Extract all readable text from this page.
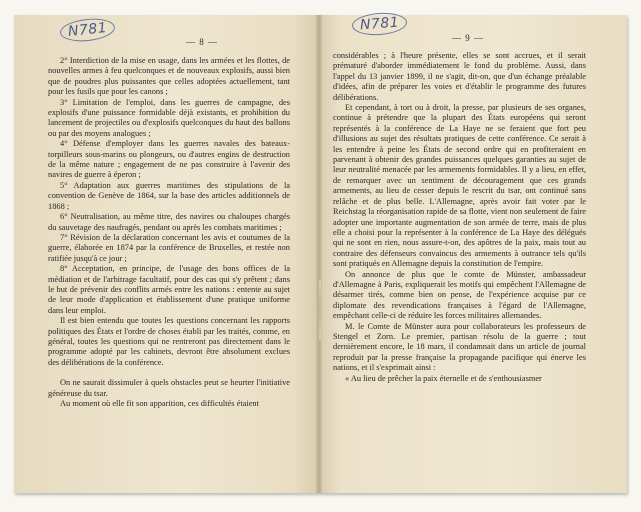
N781	N781
— 8 —	— 9 —

2° Interdiction de la mise en usage, dans les armées et les flottes, de nouvelles armes à feu quelconques et de nouveaux explosifs, aussi bien que de poudres plus puissantes que celles adoptées actuellement, tant pour les fusils que pour les canons ;

3° Limitation de l'emploi, dans les guerres de campagne, des explosifs d'une puissance formidable déjà existants, et prohibition du lancement de projectiles ou d'explosifs quelconques du haut des ballons ou par des moyens analogues ;

4° Défense d'employer dans les guerres navales des bateaux-torpilleurs sous-marins ou plongeurs, ou d'autres engins de destruction de la même nature ; engagement de ne pas construire à l'avenir des navires de guerre à éperon ;

5° Adaptation aux guerres maritimes des stipulations de la convention de Genève de 1864, sur la base des articles additionnels de 1868 ;

6° Neutralisation, au même titre, des navires ou chaloupes chargés du sauvetage des naufragés, pendant ou après les combats maritimes ;

7° Révision de la déclaration concernant les avis et coutumes de la guerre, élaborée en 1874 par la conférence de Bruxelles, et restée non ratifiée jusqu'à ce jour ;

8° Acceptation, en principe, de l'usage des bons offices de la médiation et de l'arbitrage facultatif, pour des cas qui s'y prêtent ; dans le but de prévenir des conflits armés entre les nations : entente au sujet de leur mode d'application et établissement d'une pratique uniforme dans leur emploi.

Il est bien entendu que toutes les questions concernant les rapports politiques des États et l'ordre de choses établi par les traités, comme, en général, toutes les questions qui ne rentreront pas directement dans le programme adopté par les cabinets, devront être absolument exclues des délibérations de la conférence.

On ne saurait dissimuler à quels obstacles peut se heurter l'initiative généreuse du tsar.

Au moment où elle fit son apparition, ces difficultés étaient

considérables ; à l'heure présente, elles se sont accrues, et il serait prématuré d'aborder immédiatement le fond du problème. Aussi, dans l'appel du 13 janvier 1899, il ne s'agit, dit-on, que d'un échange préalable d'idées, afin de préparer les voies et d'établir le programme des futures délibérations.

Et cependant, à tort ou à droit, la presse, par plusieurs de ses organes, continue à prétendre que la plupart des États européens qui seront représentés à la conférence de La Haye ne se feraient que fort peu d'illusions au sujet des résultats pratiques de cette conférence. Ce serait à les entendre à peine les États de second ordre qui en profiteraient en parvenant à obtenir des grandes puissances quelques garanties au sujet de leur neutralité menacée par les armements formidables. Il y a lieu, en effet, de remarquer avec un sentiment de découragement que ces grands armements, au lieu de cesser depuis le rescrit du tsar, ont continué sans relâche et de plus belle. L'Allemagne, après avoir fait voter par le Reichstag la réorganisation rapide de sa flotte, vient non seulement de faire adopter une importante augmentation de son armée de terre, mais de plus elle a choisi pour la représenter à la conférence de La Haye des délégués qui ne sont en rien, nous assure-t-on, des apôtres de la paix, mais tout au contraire des défenseurs convaincus des armements à outrance tels qu'ils sont pratiqués en Allemagne depuis la constitution de l'empire.

On annonce de plus que le comte de Münster, ambassadeur d'Allemagne à Paris, expliquerait les motifs qui empêchent l'Allemagne de désarmer tirés, comme bien on pense, de l'expérience acquise par ce diplomate des revendications françaises à l'égard de l'Allemagne, empêchant celle-ci de réduire les forces militaires allemandes.

M. le Comte de Münster aura pour collaborateurs les professeurs de Stengel et Zorn. Le premier, partisan résolu de la guerre ; tout dernièrement encore, le 18 mars, il condamnait dans un article de journal reproduit par la presse française la propagande pacifique qui énerve les nations, et il s'exprimait ainsi :

« Au lieu de prêcher la paix éternelle et de s'enthousiasmer
